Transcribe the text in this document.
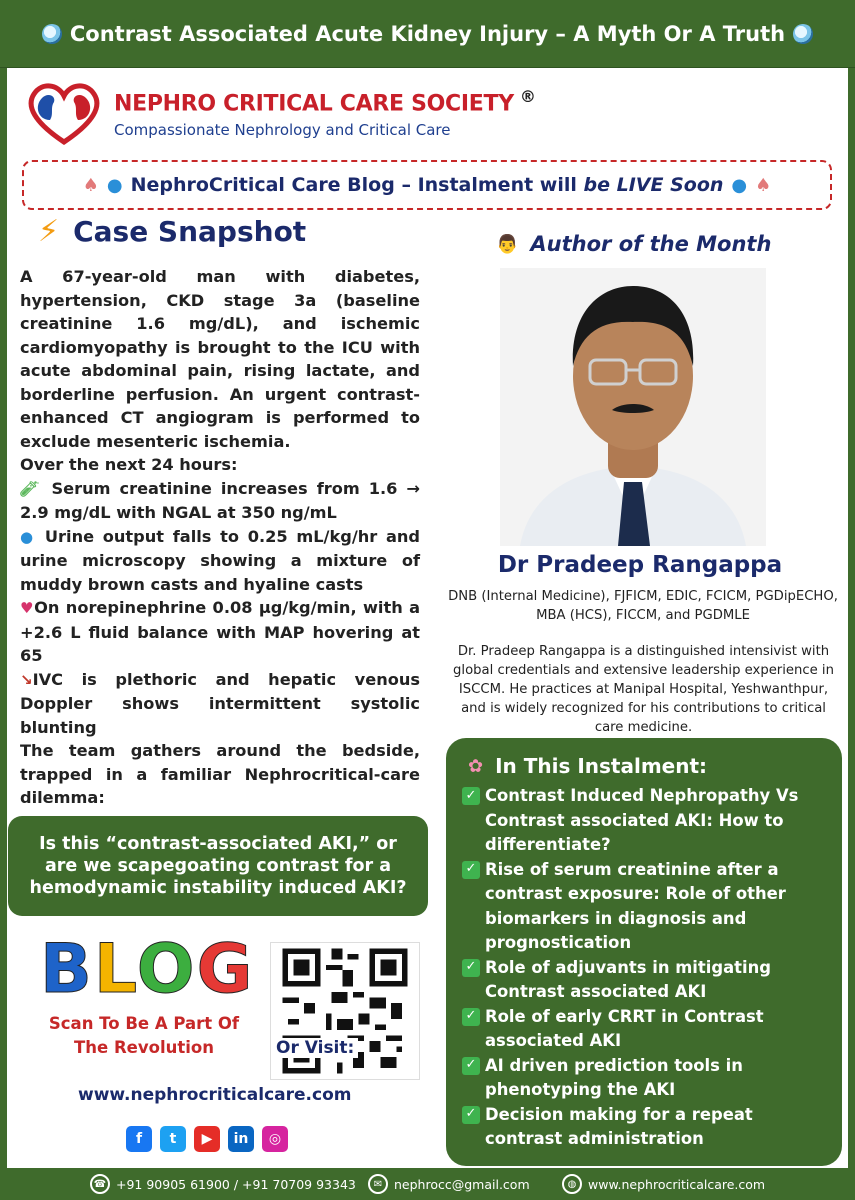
Contrast Associated Acute Kidney Injury – A Myth Or A Truth
NEPHRO CRITICAL CARE SOCIETY ®
Compassionate Nephrology and Critical Care
♠ ● NephroCritical Care Blog – Instalment will be LIVE Soon ● ♠
⚡ Case Snapshot

A 67-year-old man with diabetes, hypertension, CKD stage 3a (baseline creatinine 1.6 mg/dL), and ischemic cardiomyopathy is brought to the ICU with acute abdominal pain, rising lactate, and borderline perfusion. An urgent contrast-enhanced CT angiogram is performed to exclude mesenteric ischemia.

Over the next 24 hours:

🧪︎ Serum creatinine increases from 1.6 → 2.9 mg/dL with NGAL at 350 ng/mL

● Urine output falls to 0.25 mL/kg/hr and urine microscopy showing a mixture of muddy brown casts and hyaline casts

♥On norepinephrine 0.08 µg/kg/min, with a +2.6 L fluid balance with MAP hovering at 65

↘IVC is plethoric and hepatic venous Doppler shows intermittent systolic blunting

The team gathers around the bedside, trapped in a familiar Nephrocritical-care dilemma:

Is this “contrast-associated AKI,” or are we scapegoating contrast for a hemodynamic instability induced AKI?
BLOG
Scan To Be A Part Of The Revolution	Or Visit:
www.nephrocriticalcare.com
f	t	▶	in	◎
👨 Author of the Month
Dr Pradeep Rangappa
DNB (Internal Medicine), FJFICM, EDIC, FCICM, PGDipECHO, MBA (HCS), FICCM, and PGDMLE
Dr. Pradeep Rangappa is a distinguished intensivist with global credentials and extensive leadership experience in ISCCM. He practices at Manipal Hospital, Yeshwanthpur, and is widely recognized for his contributions to critical care medicine.
✿ In This Instalment:
✓ Contrast Induced Nephropathy Vs Contrast associated AKI: How to differentiate?
✓ Rise of serum creatinine after a contrast exposure: Role of other biomarkers in diagnosis and prognostication
✓ Role of adjuvants in mitigating Contrast associated AKI
✓ Role of early CRRT in Contrast associated AKI
✓ AI driven prediction tools in phenotyping the AKI
✓ Decision making for a repeat contrast administration
☎ +91 90905 61900 / +91 70709 93343	✉ nephrocc@gmail.com	◍ www.nephrocriticalcare.com
